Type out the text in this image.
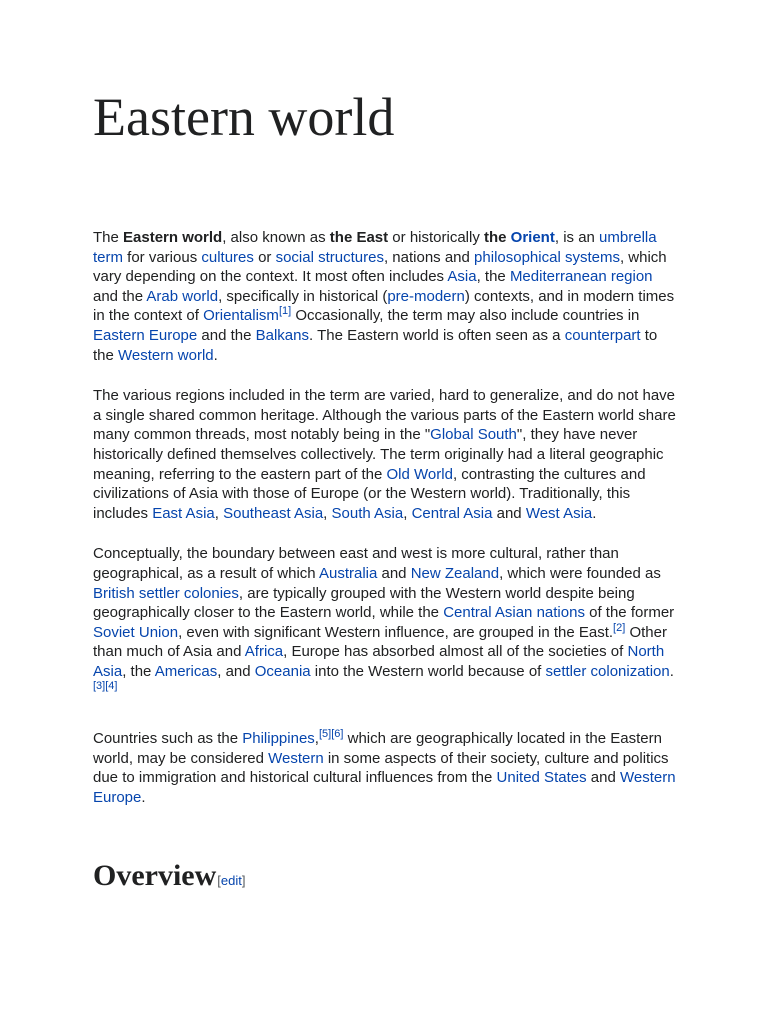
Eastern world

The Eastern world, also known as the East or historically the Orient, is an umbrella term for various cultures or social structures, nations and philosophical systems, which vary depending on the context. It most often includes Asia, the Mediterranean region and the Arab world, specifically in historical (pre-modern) contexts, and in modern times in the context of Orientalism[1] Occasionally, the term may also include countries in Eastern Europe and the Balkans. The Eastern world is often seen as a counterpart to the Western world.

The various regions included in the term are varied, hard to generalize, and do not have a single shared common heritage. Although the various parts of the Eastern world share many common threads, most notably being in the "Global South", they have never historically defined themselves collectively. The term originally had a literal geographic meaning, referring to the eastern part of the Old World, contrasting the cultures and civilizations of Asia with those of Europe (or the Western world). Traditionally, this includes East Asia, Southeast Asia, South Asia, Central Asia and West Asia.

Conceptually, the boundary between east and west is more cultural, rather than geographical, as a result of which Australia and New Zealand, which were founded as British settler colonies, are typically grouped with the Western world despite being geographically closer to the Eastern world, while the Central Asian nations of the former Soviet Union, even with significant Western influence, are grouped in the East.[2] Other than much of Asia and Africa, Europe has absorbed almost all of the societies of North Asia, the Americas, and Oceania into the Western world because of settler colonization.[3][4]

Countries such as the Philippines,[5][6] which are geographically located in the Eastern world, may be considered Western in some aspects of their society, culture and politics due to immigration and historical cultural influences from the United States and Western Europe.

Overview[edit]
